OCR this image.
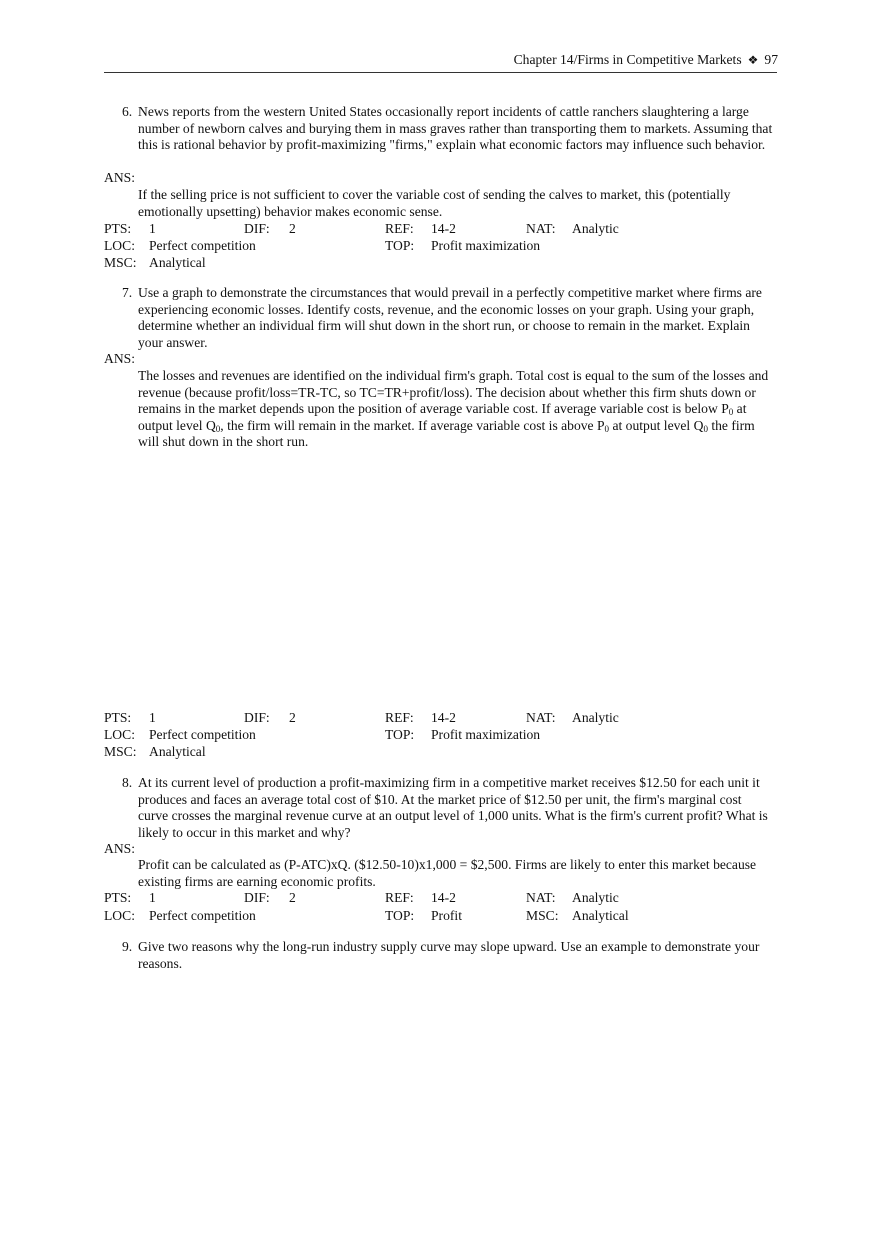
Chapter 14/Firms in Competitive Markets ❖ 97
6. News reports from the western United States occasionally report incidents of cattle ranchers slaughtering a large number of newborn calves and burying them in mass graves rather than transporting them to markets. Assuming that this is rational behavior by profit-maximizing "firms," explain what economic factors may influence such behavior.
ANS:
If the selling price is not sufficient to cover the variable cost of sending the calves to market, this (potentially emotionally upsetting) behavior makes economic sense.
PTS: 1	DIF: 2	REF: 14-2	NAT: Analytic
LOC: Perfect competition	TOP: Profit maximization
MSC: Analytical
7. Use a graph to demonstrate the circumstances that would prevail in a perfectly competitive market where firms are experiencing economic losses. Identify costs, revenue, and the economic losses on your graph. Using your graph, determine whether an individual firm will shut down in the short run, or choose to remain in the market. Explain your answer.
ANS:
The losses and revenues are identified on the individual firm's graph. Total cost is equal to the sum of the losses and revenue (because profit/loss=TR-TC, so TC=TR+profit/loss). The decision about whether this firm shuts down or remains in the market depends upon the position of average variable cost. If average variable cost is below $P_0$ at output level $Q_0$, the firm will remain in the market. If average variable cost is above $P_0$ at output level $Q_0$ the firm will shut down in the short run.
PTS: 1	DIF: 2	REF: 14-2	NAT: Analytic
LOC: Perfect competition	TOP: Profit maximization
MSC: Analytical
8. At its current level of production a profit-maximizing firm in a competitive market receives $12.50 for each unit it produces and faces an average total cost of $10. At the market price of $12.50 per unit, the firm's marginal cost curve crosses the marginal revenue curve at an output level of 1,000 units. What is the firm's current profit? What is likely to occur in this market and why?
ANS:
Profit can be calculated as (P-ATC)xQ. ($12.50-10)x1,000 = $2,500. Firms are likely to enter this market because existing firms are earning economic profits.
PTS: 1	DIF: 2	REF: 14-2	NAT: Analytic
LOC: Perfect competition	TOP: Profit	MSC: Analytical
9. Give two reasons why the long-run industry supply curve may slope upward. Use an example to demonstrate your reasons.
